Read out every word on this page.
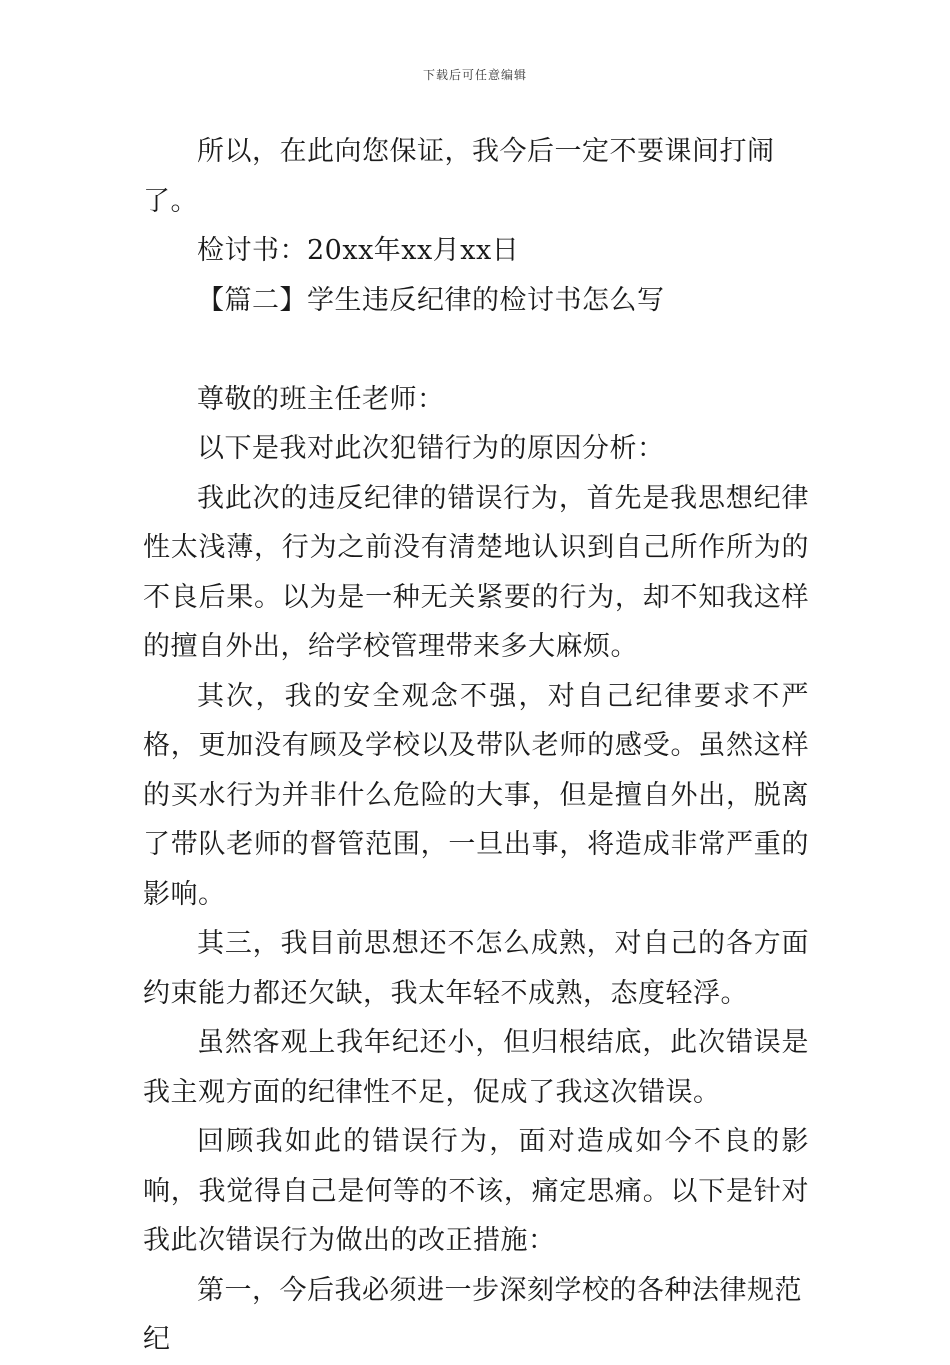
下载后可任意编辑

所以，在此向您保证，我今后一定不要课间打闹了。

检讨书：20xx年xx月xx日

【篇二】学生违反纪律的检讨书怎么写

尊敬的班主任老师：

以下是我对此次犯错行为的原因分析：

我此次的违反纪律的错误行为，首先是我思想纪律性太浅薄，行为之前没有清楚地认识到自己所作所为的不良后果。以为是一种无关紧要的行为，却不知我这样的擅自外出，给学校管理带来多大麻烦。

其次，我的安全观念不强，对自己纪律要求不严格，更加没有顾及学校以及带队老师的感受。虽然这样的买水行为并非什么危险的大事，但是擅自外出，脱离了带队老师的督管范围，一旦出事，将造成非常严重的影响。

其三，我目前思想还不怎么成熟，对自己的各方面约束能力都还欠缺，我太年轻不成熟，态度轻浮。

虽然客观上我年纪还小，但归根结底，此次错误是我主观方面的纪律性不足，促成了我这次错误。

回顾我如此的错误行为，面对造成如今不良的影响，我觉得自己是何等的不该，痛定思痛。以下是针对我此次错误行为做出的改正措施：

第一，今后我必须进一步深刻学校的各种法律规范纪
